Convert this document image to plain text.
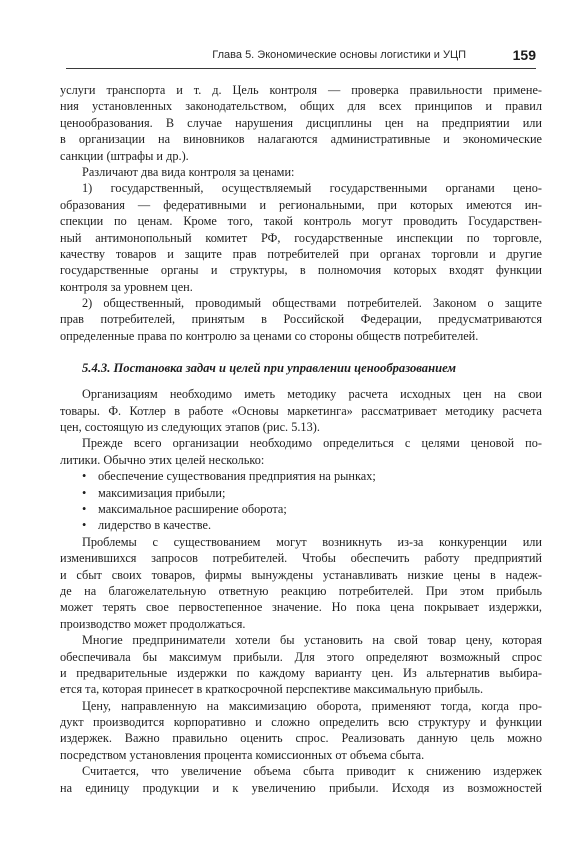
Глава 5. Экономические основы логистики и УЦП	159
услуги транспорта и т. д. Цель контроля — проверка правильности примене-
ния установленных законодательством, общих для всех принципов и правил
ценообразования. В случае нарушения дисциплины цен на предприятии или
в организации на виновников налагаются административные и экономические
санкции (штрафы и др.).
Различают два вида контроля за ценами:
1) государственный, осуществляемый государственными органами цено-
образования — федеративными и региональными, при которых имеются ин-
спекции по ценам. Кроме того, такой контроль могут проводить Государствен-
ный антимонопольный комитет РФ, государственные инспекции по торговле,
качеству товаров и защите прав потребителей при органах торговли и другие
государственные органы и структуры, в полномочия которых входят функции
контроля за уровнем цен.
2) общественный, проводимый обществами потребителей. Законом о защите
прав потребителей, принятым в Российской Федерации, предусматриваются
определенные права по контролю за ценами со стороны обществ потребителей.
5.4.3. Постановка задач и целей при управлении ценообразованием
Организациям необходимо иметь методику расчета исходных цен на свои
товары. Ф. Котлер в работе «Основы маркетинга» рассматривает методику расчета
цен, состоящую из следующих этапов (рис. 5.13).
Прежде всего организации необходимо определиться с целями ценовой по-
литики. Обычно этих целей несколько:
• обеспечение существования предприятия на рынках;
• максимизация прибыли;
• максимальное расширение оборота;
• лидерство в качестве.
Проблемы с существованием могут возникнуть из-за конкуренции или
изменившихся запросов потребителей. Чтобы обеспечить работу предприятий
и сбыт своих товаров, фирмы вынуждены устанавливать низкие цены в надеж-
де на благожелательную ответную реакцию потребителей. При этом прибыль
может терять свое первостепенное значение. Но пока цена покрывает издержки,
производство может продолжаться.
Многие предприниматели хотели бы установить на свой товар цену, которая
обеспечивала бы максимум прибыли. Для этого определяют возможный спрос
и предварительные издержки по каждому варианту цен. Из альтернатив выбира-
ется та, которая принесет в краткосрочной перспективе максимальную прибыль.
Цену, направленную на максимизацию оборота, применяют тогда, когда про-
дукт производится корпоративно и сложно определить всю структуру и функции
издержек. Важно правильно оценить спрос. Реализовать данную цель можно
посредством установления процента комиссионных от объема сбыта.
Считается, что увеличение объема сбыта приводит к снижению издержек
на единицу продукции и к увеличению прибыли. Исходя из возможностей
